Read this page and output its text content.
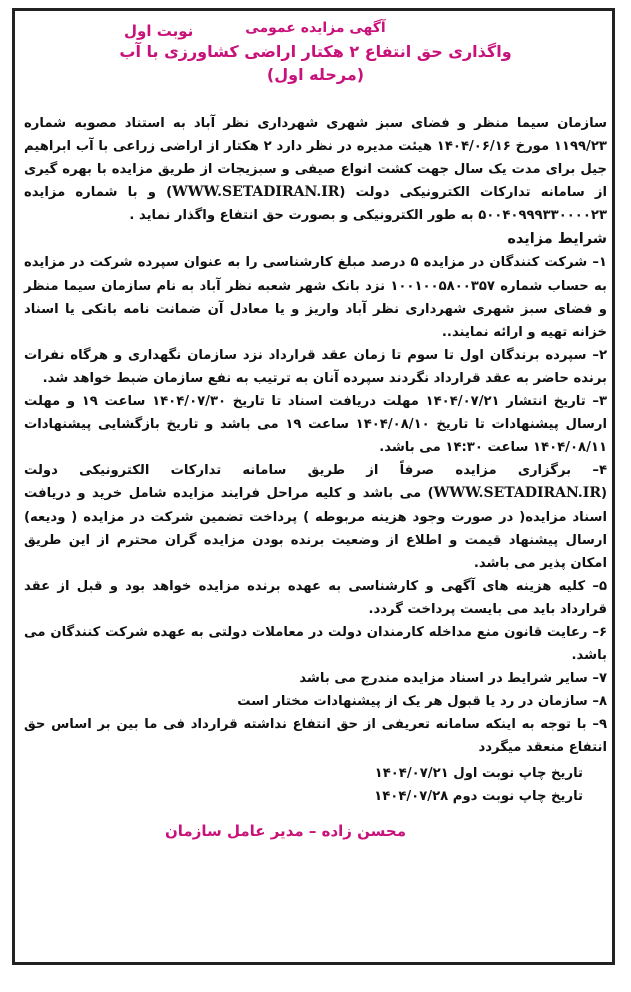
نوبت اول	آگهی مزایده عمومی
واگذاری حق انتفاع ۲ هکتار اراضی کشاورزی با آب
(مرحله اول)

سازمان سیما منظر و فضای سبز شهری شهرداری نظر آباد به استناد مصوبه شماره ۱۱۹۹/۲۳ مورخ ۱۴۰۴/۰۶/۱۶ هیئت مدیره در نظر دارد ۲ هکتار از اراضی زراعی با آب ابراهیم جیل برای مدت یک سال جهت کشت انواع صیفی و سبزیجات از طریق مزایده با بهره گیری از سامانه تدارکات الکترونیکی دولت (WWW.SETADIRAN.IR) و با شماره مزایده ۵۰۰۴۰۹۹۹۳۳۰۰۰۰۲۳ به طور الکترونیکی و بصورت حق انتفاع واگذار نماید .

شرایط مزایده

۱– شرکت کنندگان در مزایده ۵ درصد مبلغ کارشناسی را به عنوان سپرده شرکت در مزایده به حساب شماره ۱۰۰۱۰۰۵۸۰۰۳۵۷ نزد بانک شهر شعبه نظر آباد به نام سازمان سیما منظر و فضای سبز شهری شهرداری نظر آباد واریز و یا معادل آن ضمانت نامه بانکی یا اسناد خزانه تهیه و ارائه نمایند..

۲– سپرده برندگان اول تا سوم تا زمان عقد قرارداد نزد سازمان نگهداری و هرگاه نفرات برنده حاضر به عقد قرارداد نگردند سپرده آنان به ترتیب به نفع سازمان ضبط خواهد شد.

۳– تاریخ انتشار ۱۴۰۴/۰۷/۲۱ مهلت دریافت اسناد تا تاریخ ۱۴۰۴/۰۷/۳۰ ساعت ۱۹ و مهلت ارسال پیشنهادات تا تاریخ ۱۴۰۴/۰۸/۱۰ ساعت ۱۹ می باشد و تاریخ بازگشایی پیشنهادات ۱۴۰۴/۰۸/۱۱ ساعت ۱۴:۳۰ می باشد.

۴– برگزاری مزایده صرفاً از طریق سامانه تدارکات الکترونیکی دولت (WWW.SETADIRAN.IR) می باشد و کلیه مراحل فرایند مزایده شامل خرید و دریافت اسناد مزایده( در صورت وجود هزینه مربوطه ) پرداخت تضمین شرکت در مزایده ( ودیعه) ارسال پیشنهاد قیمت و اطلاع از وضعیت برنده بودن مزایده گران محترم از این طریق امکان پذیر می باشد.

۵– کلیه هزینه های آگهی و کارشناسی به عهده برنده مزایده خواهد بود و قبل از عقد قرارداد باید می بایست پرداخت گردد.

۶– رعایت قانون منع مداخله کارمندان دولت در معاملات دولتی به عهده شرکت کنندگان می باشد.

۷– سایر شرایط در اسناد مزایده مندرج می باشد

۸– سازمان در رد یا قبول هر یک از پیشنهادات مختار است

۹– با توجه به اینکه سامانه تعریفی از حق انتفاع نداشته قرارداد فی ما بین بر اساس حق انتفاع منعقد میگردد

تاریخ چاپ نوبت اول ۱۴۰۴/۰۷/۲۱

تاریخ چاپ نوبت دوم ۱۴۰۴/۰۷/۲۸

محسن زاده – مدیر عامل سازمان
